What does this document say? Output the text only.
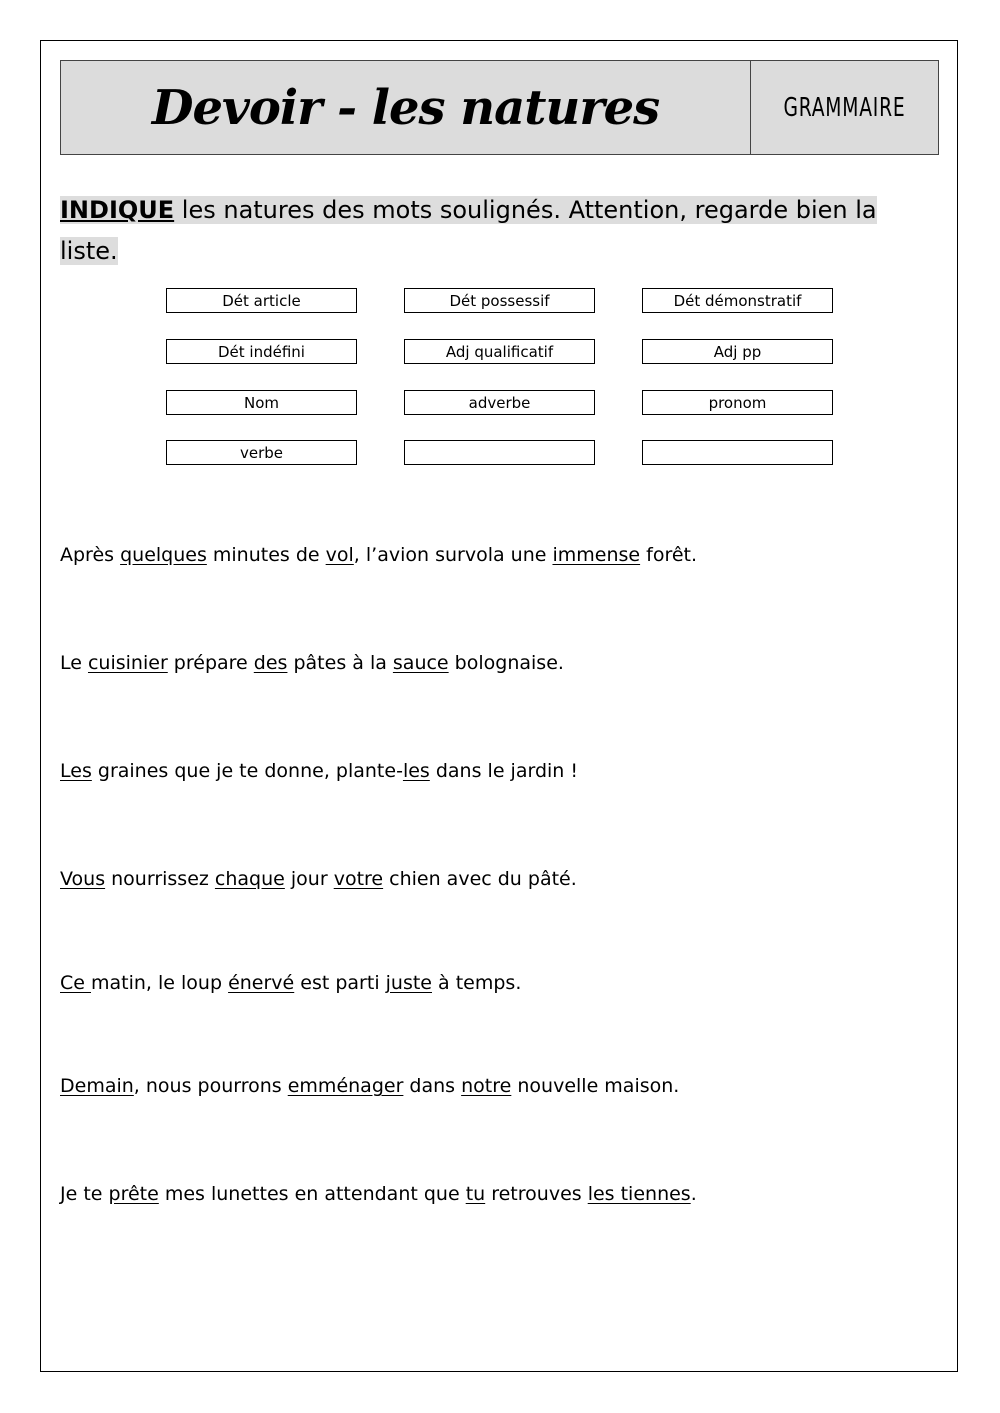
Devoir - les natures	GRAMMAIRE
INDIQUE les natures des mots soulignés. Attention, regarde bien la liste.
Dét article	Dét possessif	Dét démonstratif
Dét indéfini	Adj qualificatif	Adj pp
Nom	adverbe	pronom
verbe
Après quelques minutes de vol, l’avion survola une immense forêt.
Le cuisinier prépare des pâtes à la sauce bolognaise.
Les graines que je te donne, plante-les dans le jardin !
Vous nourrissez chaque jour votre chien avec du pâté.
Ce matin, le loup énervé est parti juste à temps.
Demain, nous pourrons emménager dans notre nouvelle maison.
Je te prête mes lunettes en attendant que tu retrouves les tiennes.
